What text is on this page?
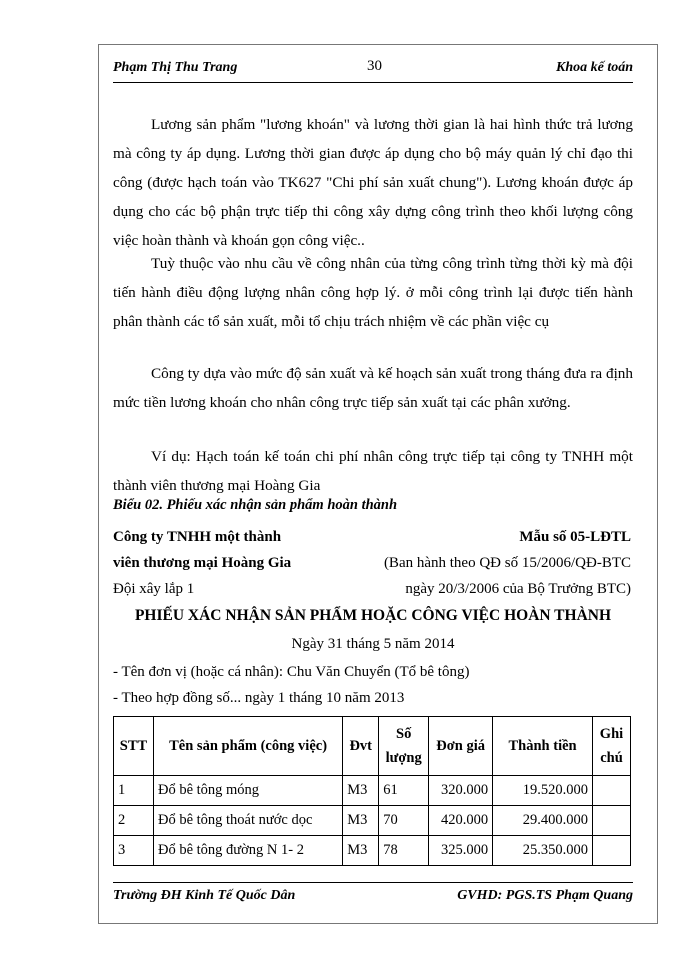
Phạm Thị Thu Trang	30	Khoa kế toán

Lương sản phẩm "lương khoán" và lương thời gian là hai hình thức trả lương mà công ty áp dụng. Lương thời gian được áp dụng cho bộ máy quản lý chỉ đạo thi công (được hạch toán vào TK627 "Chi phí sản xuất chung"). Lương khoán được áp dụng cho các bộ phận trực tiếp thi công xây dựng công trình theo khối lượng công việc hoàn thành và khoán gọn công việc..

Tuỳ thuộc vào nhu cầu về công nhân của từng công trình từng thời kỳ mà đội tiến hành điều động lượng nhân công hợp lý. ở mỗi công trình lại được tiến hành phân thành các tổ sản xuất, mỗi tổ chịu trách nhiệm về các phần việc cụ

Công ty dựa vào mức độ sản xuất và kế hoạch sản xuất trong tháng đưa ra định mức tiền lương khoán cho nhân công trực tiếp sản xuất tại các phân xưởng.

Ví dụ: Hạch toán kế toán chi phí nhân công trực tiếp tại công ty TNHH một thành viên thương mại Hoàng Gia

Biểu 02. Phiếu xác nhận sản phẩm hoàn thành
Công ty TNHH một thành	Mẫu số 05-LĐTL
viên thương mại Hoàng Gia	(Ban hành theo QĐ số 15/2006/QĐ-BTC
Đội xây lắp 1	ngày 20/3/2006 của Bộ Trưởng BTC)
PHIẾU XÁC NHẬN SẢN PHẨM HOẶC CÔNG VIỆC HOÀN THÀNH
Ngày 31 tháng 5 năm 2014
- Tên đơn vị (hoặc cá nhân): Chu Văn Chuyển (Tổ bê tông)
- Theo hợp đồng số... ngày 1 tháng 10 năm 2013
STT	Tên sản phẩm (công việc)	Đvt	Số lượng	Đơn giá	Thành tiền	Ghi chú
1	Đổ bê tông móng	M3	61	320.000	19.520.000	
2	Đổ bê tông thoát nước dọc	M3	70	420.000	29.400.000	
3	Đổ bê tông đường N 1- 2	M3	78	325.000	25.350.000	
Trường ĐH Kinh Tế Quốc Dân	GVHD: PGS.TS Phạm Quang
